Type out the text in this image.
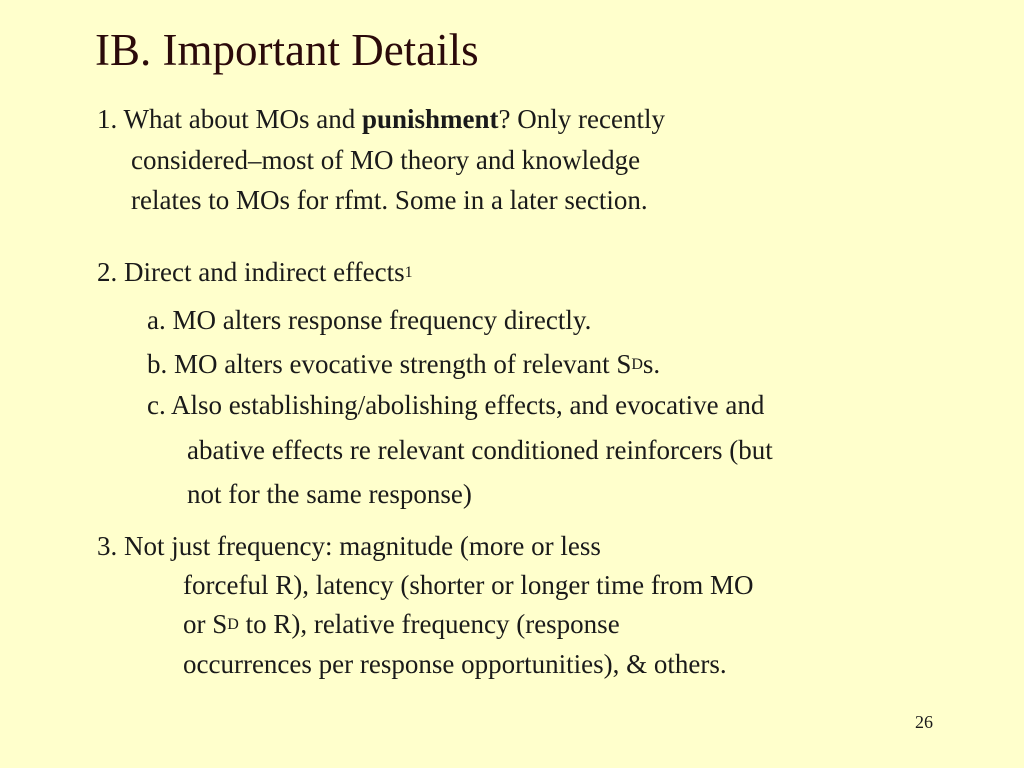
IB. Important Details
1. What about MOs and punishment? Only recently
considered–most of MO theory and knowledge
relates to MOs for rfmt. Some in a later section.
2. Direct and indirect effects$^1$
a. MO alters response frequency directly.
b. MO alters evocative strength of relevant $S^Ds$.
c. Also establishing/abolishing effects, and evocative and
abative effects re relevant conditioned reinforcers (but
not for the same response)
3. Not just frequency: magnitude (more or less
forceful R), latency (shorter or longer time from MO
or $S^D$ to R), relative frequency (response
occurrences per response opportunities), & others.
26
